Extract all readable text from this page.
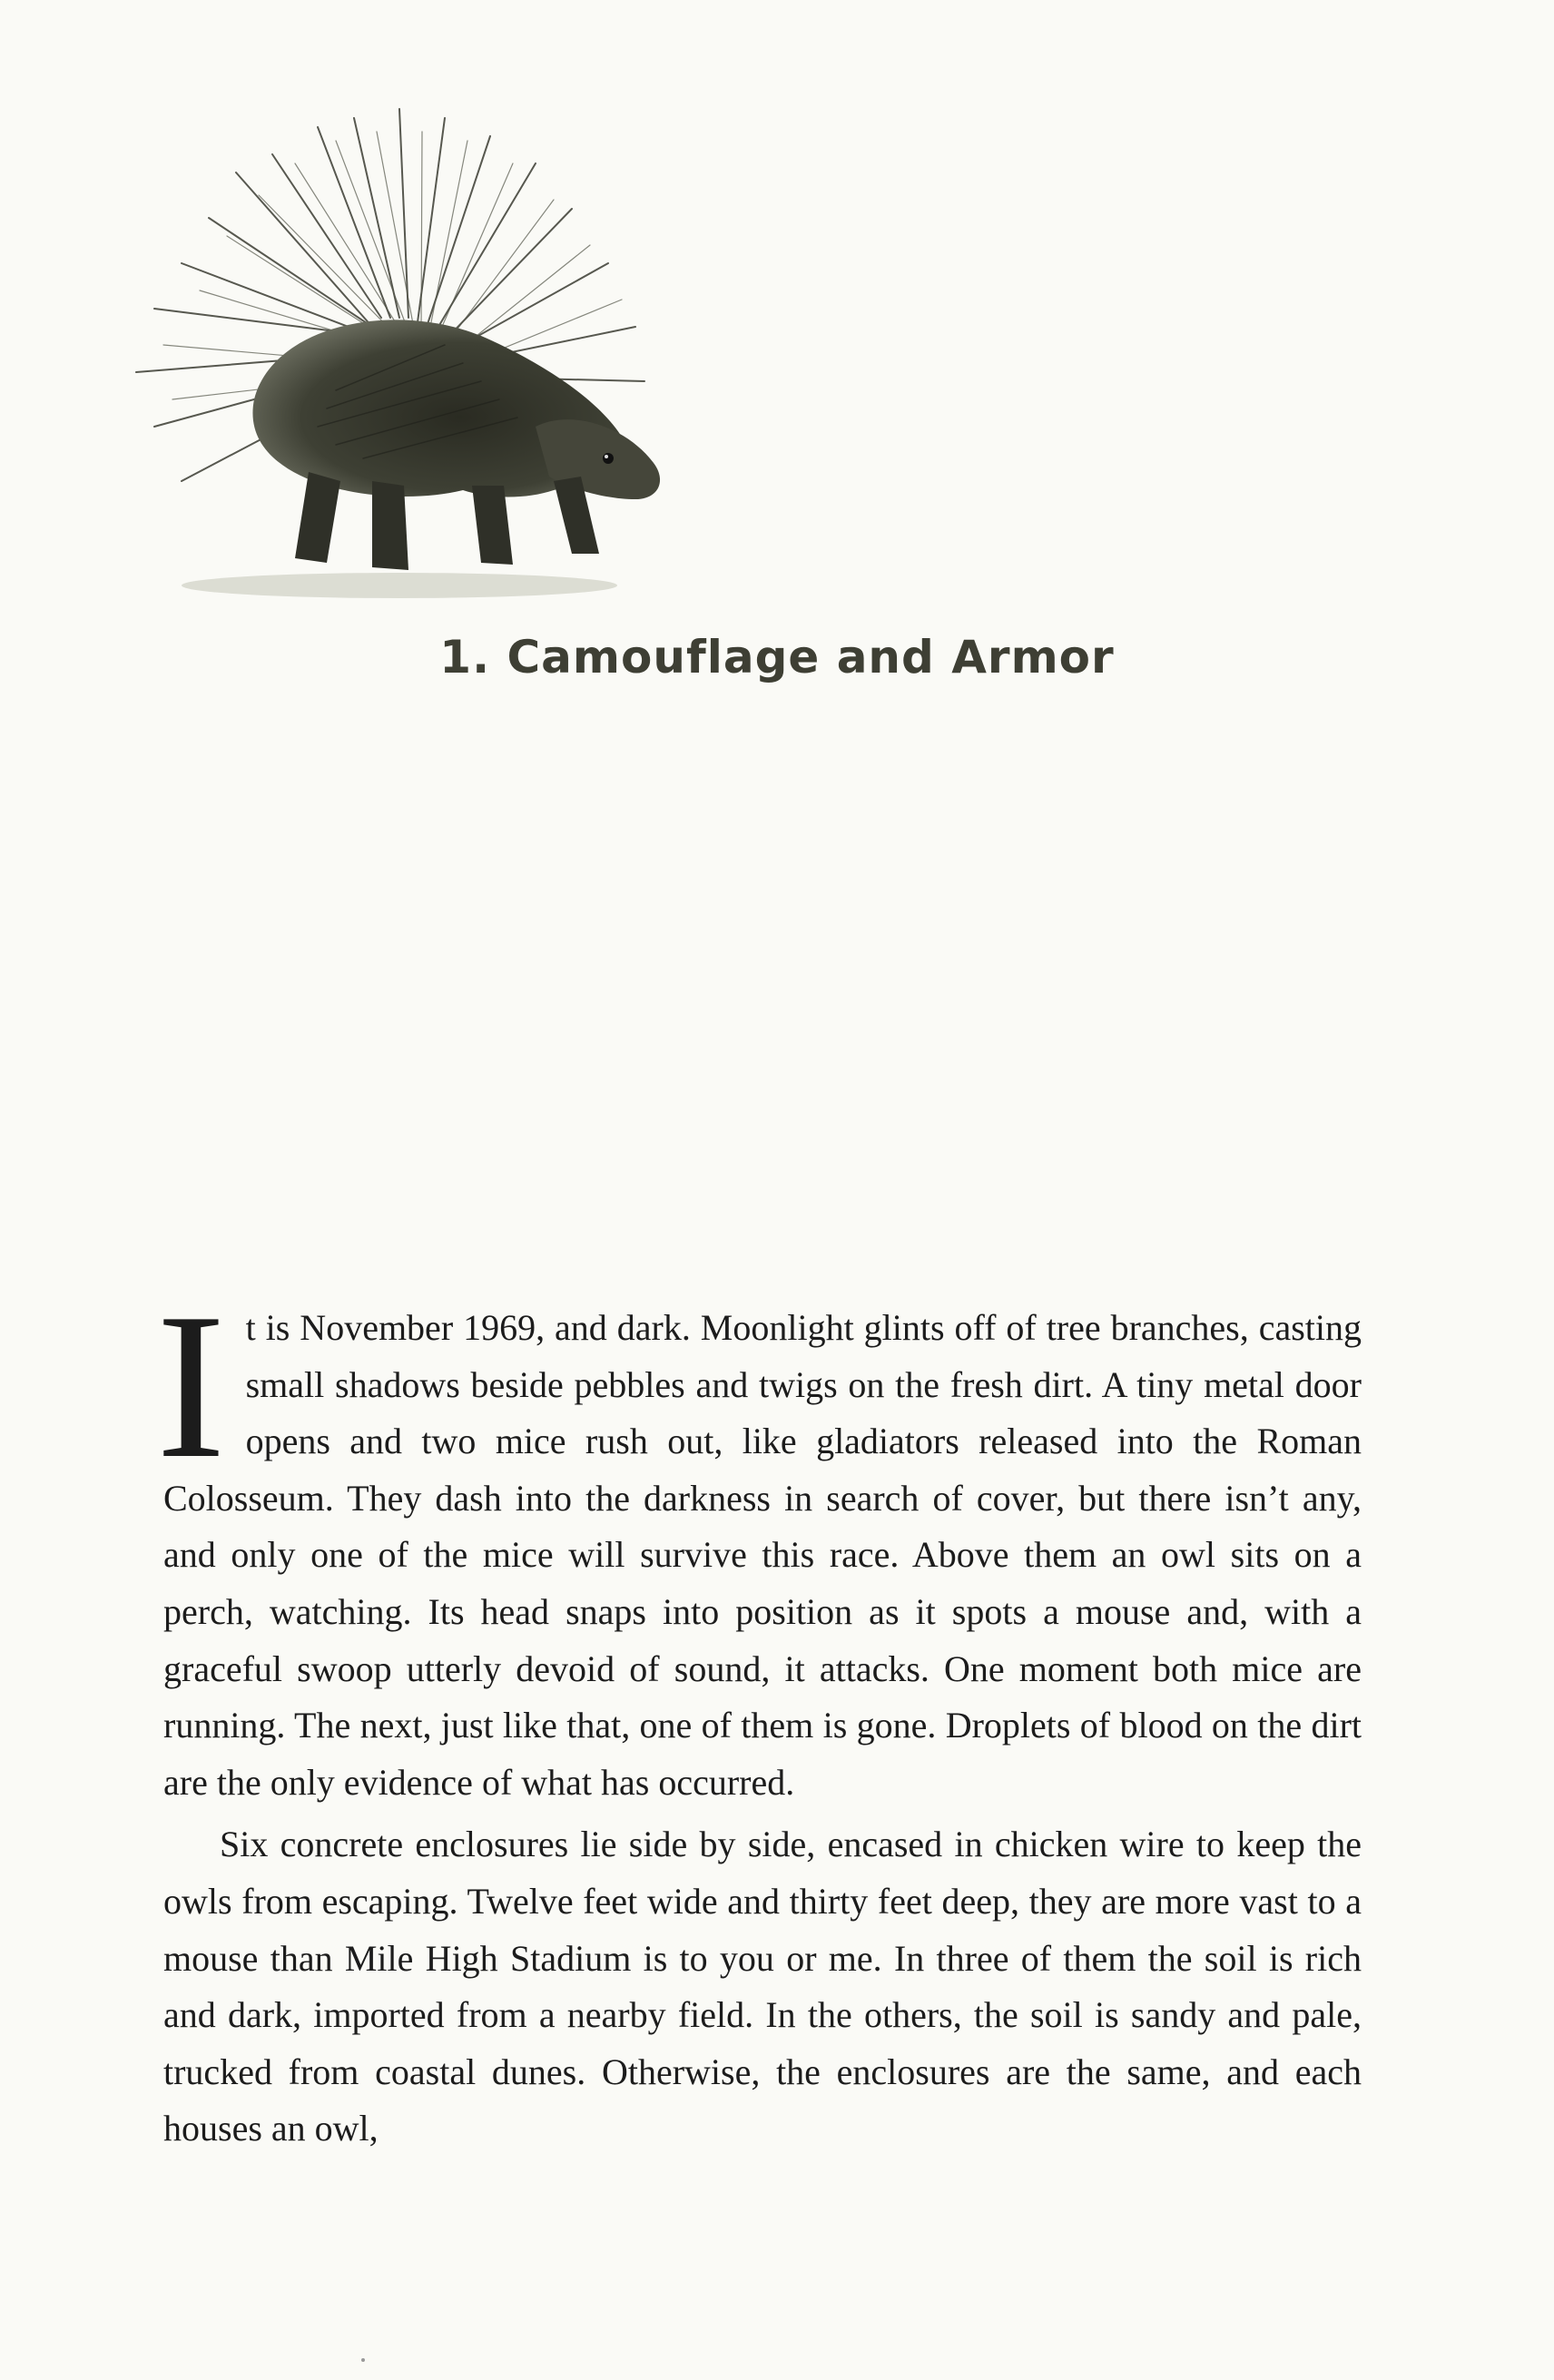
1. Camouflage and Armor

It is November 1969, and dark. Moonlight glints off of tree branches, casting small shadows beside pebbles and twigs on the fresh dirt. A tiny metal door opens and two mice rush out, like gladiators released into the Roman Colosseum. They dash into the darkness in search of cover, but there isn’t any, and only one of the mice will survive this race. Above them an owl sits on a perch, watching. Its head snaps into position as it spots a mouse and, with a graceful swoop utterly devoid of sound, it attacks. One moment both mice are running. The next, just like that, one of them is gone. Droplets of blood on the dirt are the only evidence of what has occurred.

Six concrete enclosures lie side by side, encased in chicken wire to keep the owls from escaping. Twelve feet wide and thirty feet deep, they are more vast to a mouse than Mile High Stadium is to you or me. In three of them the soil is rich and dark, imported from a nearby field. In the others, the soil is sandy and pale, trucked from coastal dunes. Otherwise, the enclosures are the same, and each houses an owl,
